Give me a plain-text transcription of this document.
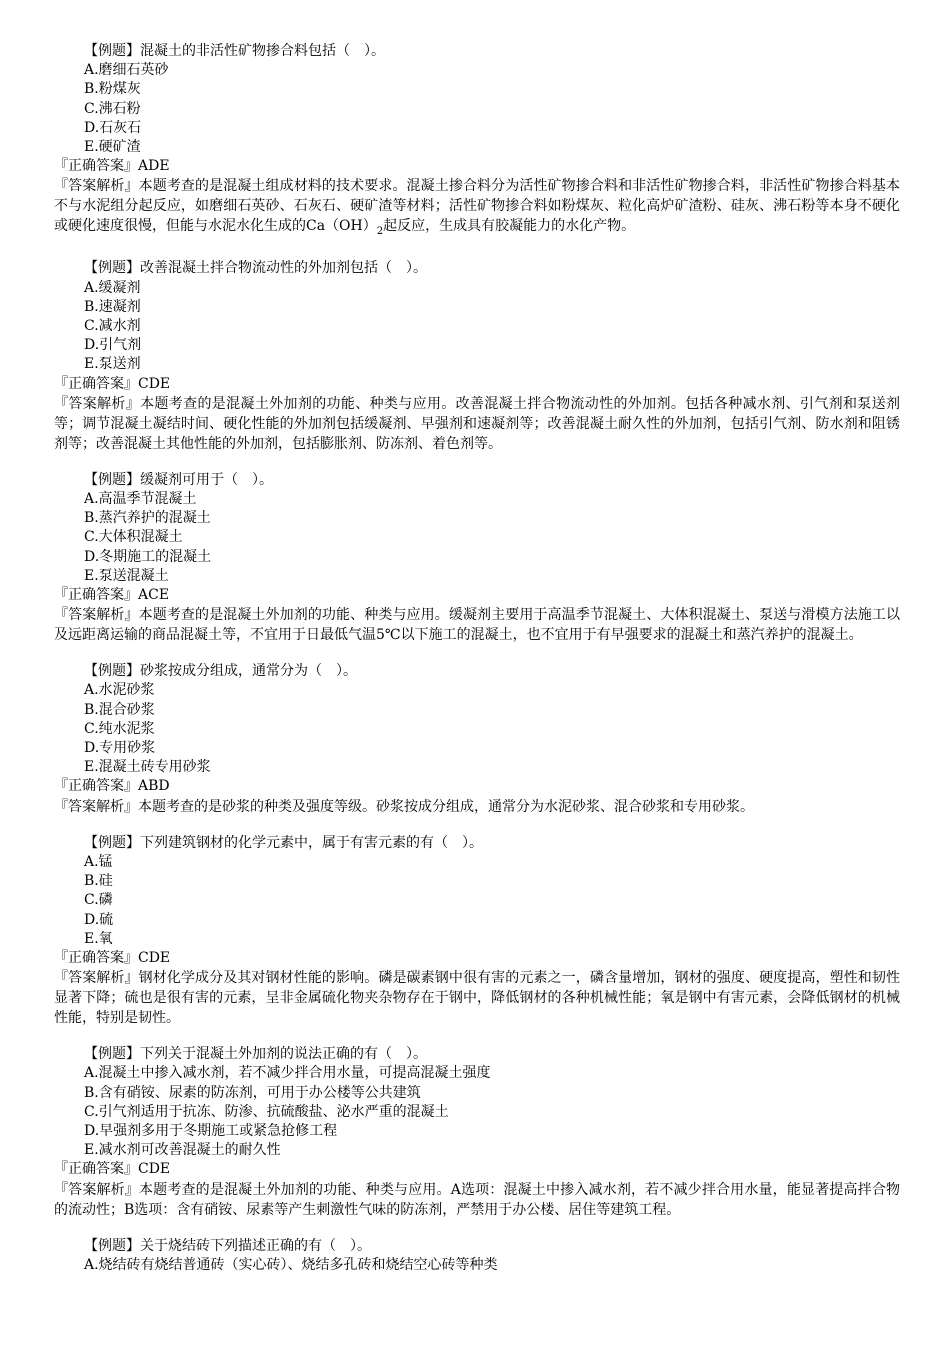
【例题】混凝土的非活性矿物掺合料包括（　）。
A.磨细石英砂
B.粉煤灰
C.沸石粉
D.石灰石
E.硬矿渣
『正确答案』ADE
『答案解析』本题考查的是混凝土组成材料的技术要求。混凝土掺合料分为活性矿物掺合料和非活性矿物掺合料，非活性矿物掺合料基本不与水泥组分起反应，如磨细石英砂、石灰石、硬矿渣等材料；活性矿物掺合料如粉煤灰、粒化高炉矿渣粉、硅灰、沸石粉等本身不硬化或硬化速度很慢，但能与水泥水化生成的$Ca(OH)_2$起反应，生成具有胶凝能力的水化产物。
【例题】改善混凝土拌合物流动性的外加剂包括（　）。
A.缓凝剂
B.速凝剂
C.减水剂
D.引气剂
E.泵送剂
『正确答案』CDE
『答案解析』本题考查的是混凝土外加剂的功能、种类与应用。改善混凝土拌合物流动性的外加剂。包括各种减水剂、引气剂和泵送剂等；调节混凝土凝结时间、硬化性能的外加剂包括缓凝剂、早强剂和速凝剂等；改善混凝土耐久性的外加剂，包括引气剂、防水剂和阻锈剂等；改善混凝土其他性能的外加剂，包括膨胀剂、防冻剂、着色剂等。
【例题】缓凝剂可用于（　）。
A.高温季节混凝土
B.蒸汽养护的混凝土
C.大体积混凝土
D.冬期施工的混凝土
E.泵送混凝土
『正确答案』ACE
『答案解析』本题考查的是混凝土外加剂的功能、种类与应用。缓凝剂主要用于高温季节混凝土、大体积混凝土、泵送与滑模方法施工以及远距离运输的商品混凝土等，不宜用于日最低气温5℃以下施工的混凝土，也不宜用于有早强要求的混凝土和蒸汽养护的混凝土。
【例题】砂浆按成分组成，通常分为（　）。
A.水泥砂浆
B.混合砂浆
C.纯水泥浆
D.专用砂浆
E.混凝土砖专用砂浆
『正确答案』ABD
『答案解析』本题考查的是砂浆的种类及强度等级。砂浆按成分组成，通常分为水泥砂浆、混合砂浆和专用砂浆。
【例题】下列建筑钢材的化学元素中，属于有害元素的有（　）。
A.锰
B.硅
C.磷
D.硫
E.氧
『正确答案』CDE
『答案解析』钢材化学成分及其对钢材性能的影响。磷是碳素钢中很有害的元素之一，磷含量增加，钢材的强度、硬度提高，塑性和韧性显著下降；硫也是很有害的元素，呈非金属硫化物夹杂物存在于钢中，降低钢材的各种机械性能；氧是钢中有害元素，会降低钢材的机械性能，特别是韧性。
【例题】下列关于混凝土外加剂的说法正确的有（　）。
A.混凝土中掺入减水剂，若不减少拌合用水量，可提高混凝土强度
B.含有硝铵、尿素的防冻剂，可用于办公楼等公共建筑
C.引气剂适用于抗冻、防渗、抗硫酸盐、泌水严重的混凝土
D.早强剂多用于冬期施工或紧急抢修工程
E.减水剂可改善混凝土的耐久性
『正确答案』CDE
『答案解析』本题考查的是混凝土外加剂的功能、种类与应用。A选项：混凝土中掺入减水剂，若不减少拌合用水量，能显著提高拌合物的流动性；B选项：含有硝铵、尿素等产生刺激性气味的防冻剂，严禁用于办公楼、居住等建筑工程。
【例题】关于烧结砖下列描述正确的有（　）。
A.烧结砖有烧结普通砖（实心砖）、烧结多孔砖和烧结空心砖等种类
